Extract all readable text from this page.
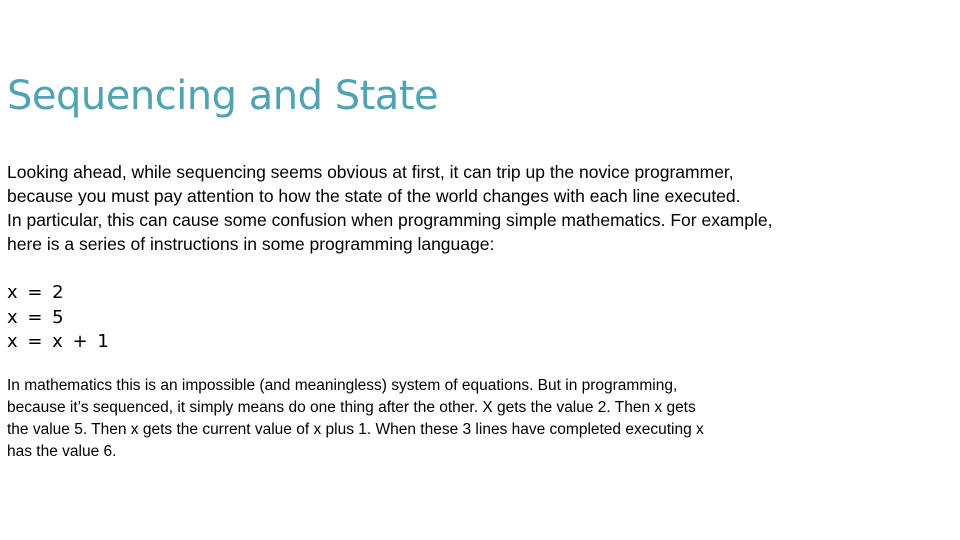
Sequencing and State

Looking ahead, while sequencing seems obvious at first, it can trip up the novice programmer,

because you must pay attention to how the state of the world changes with each line executed.

In particular, this can cause some confusion when programming simple mathematics. For example,

here is a series of instructions in some programming language:

x = 2
x = 5
x = x + 1

In mathematics this is an impossible (and meaningless) system of equations. But in programming,

because it’s sequenced, it simply means do one thing after the other. X gets the value 2. Then x gets

the value 5. Then x gets the current value of x plus 1. When these 3 lines have completed executing x

has the value 6.
